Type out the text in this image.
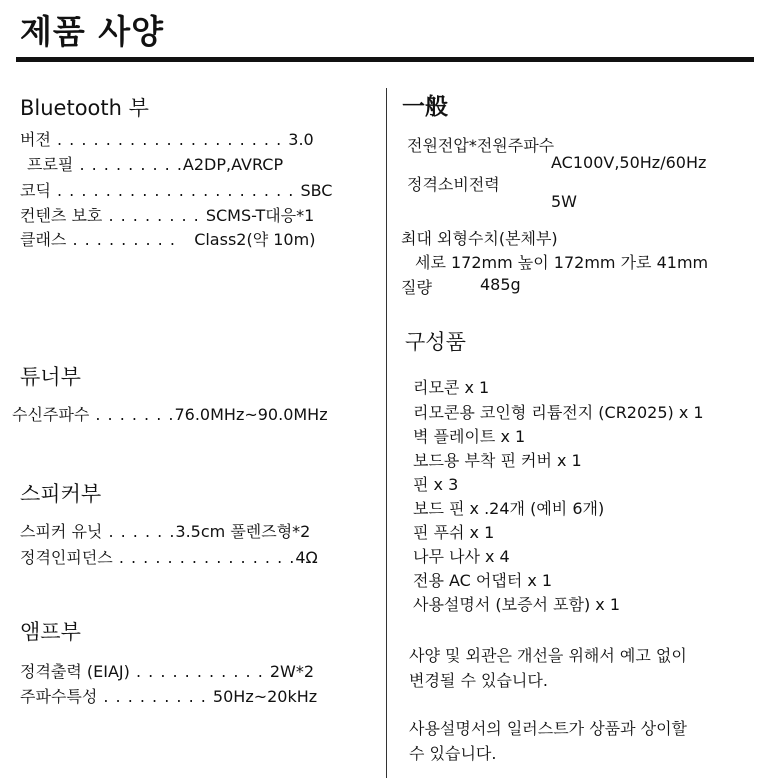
제품 사양
Bluetooth 부
버젼 . . . . . . . . . . . . . . . . . . . 3.0
프로필 . . . . . . . . .A2DP,AVRCP
코딕 . . . . . . . . . . . . . . . . . . . . SBC
컨텐츠 보호 . . . . . . . . SCMS-T대응*1
클래스 . . . . . . . . .   Class2(약 10m)
튜너부
수신주파수 . . . . . . .76.0MHz~90.0MHz
스피커부
스피커 유닛 . . . . . .3.5cm 풀렌즈형*2
정격인피던스 . . . . . . . . . . . . . . .4Ω
앰프부
정격출력 (EIAJ) . . . . . . . . . . . 2W*2
주파수특성 . . . . . . . . . 50Hz~20kHz
一般
전원전압*전원주파수
AC100V,50Hz/60Hz
정격소비전력
5W
최대 외형수치(본체부)
세로 172mm 높이 172mm 가로 41mm
질량	485g
구성품
리모콘 x 1
리모콘용 코인형 리튬전지 (CR2025) x 1
벽 플레이트 x 1
보드용 부착 핀 커버 x 1
핀 x 3
보드 핀 x .24개 (예비 6개)
핀 푸쉬 x 1
나무 나사 x 4
전용 AC 어댑터 x 1
사용설명서 (보증서 포함) x 1
사양 및 외관은 개선을 위해서 예고 없이
변경될 수 있습니다.
사용설명서의 일러스트가 상품과 상이할
수 있습니다.
